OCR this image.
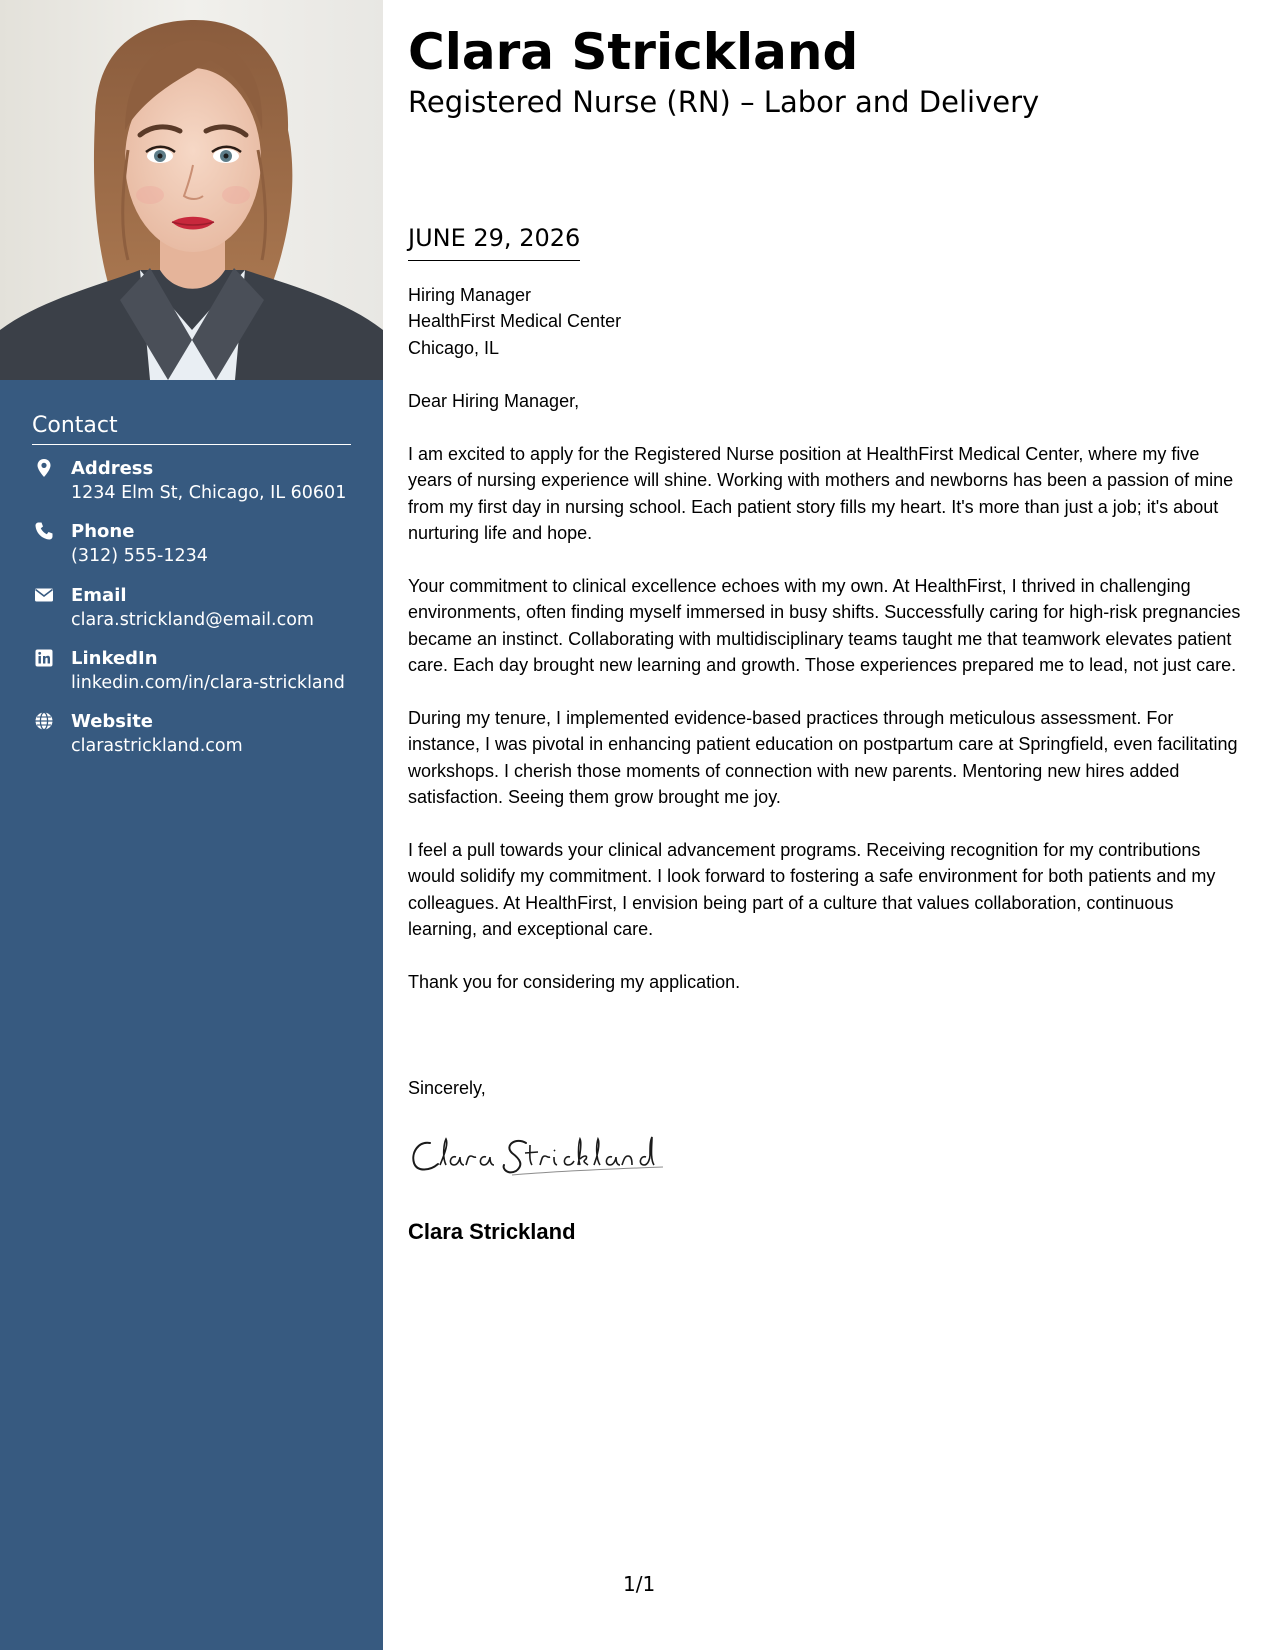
Contact
Address
1234 Elm St, Chicago, IL 60601
Phone
(312) 555-1234
Email
clara.strickland@email.com
LinkedIn
linkedin.com/in/clara-strickland
Website
clarastrickland.com
Clara Strickland
Registered Nurse (RN) – Labor and Delivery
JUNE 29, 2026
Hiring Manager
HealthFirst Medical Center
Chicago, IL
Dear Hiring Manager,

I am excited to apply for the Registered Nurse position at HealthFirst Medical Center, where my five years of nursing experience will shine. Working with mothers and newborns has been a passion of mine from my first day in nursing school. Each patient story fills my heart. It's more than just a job; it's about nurturing life and hope.

Your commitment to clinical excellence echoes with my own. At HealthFirst, I thrived in challenging environments, often finding myself immersed in busy shifts. Successfully caring for high-risk pregnancies became an instinct. Collaborating with multidisciplinary teams taught me that teamwork elevates patient care. Each day brought new learning and growth. Those experiences prepared me to lead, not just care.

During my tenure, I implemented evidence-based practices through meticulous assessment. For instance, I was pivotal in enhancing patient education on postpartum care at Springfield, even facilitating workshops. I cherish those moments of connection with new parents. Mentoring new hires added satisfaction. Seeing them grow brought me joy.

I feel a pull towards your clinical advancement programs. Receiving recognition for my contributions would solidify my commitment. I look forward to fostering a safe environment for both patients and my colleagues. At HealthFirst, I envision being part of a culture that values collaboration, continuous learning, and exceptional care.

Thank you for considering my application.

Sincerely,
Clara Strickland
1/1
